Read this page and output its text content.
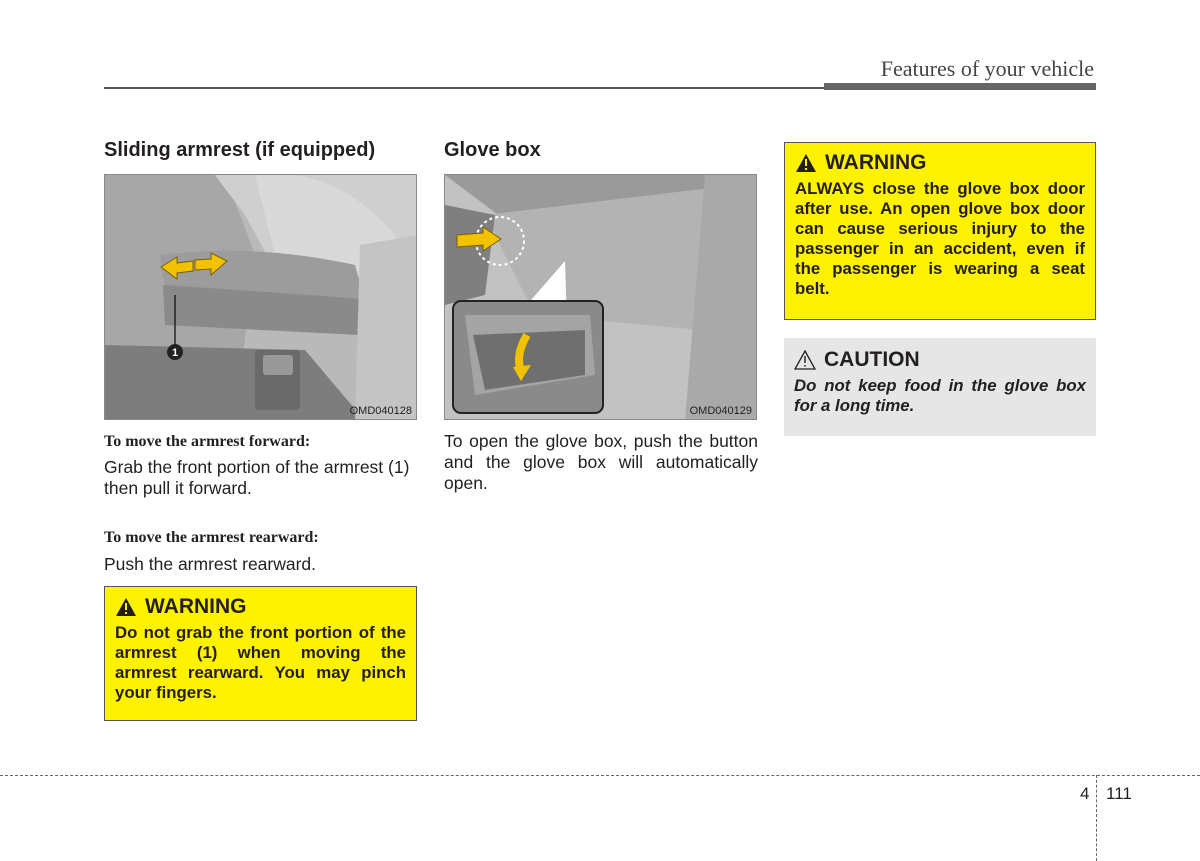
Features of your vehicle
Sliding armrest (if equipped)
1
OMD040128
To move the armrest forward:
Grab the front portion of the armrest (1) then pull it forward.
To move the armrest rearward:
Push the armrest rearward.
WARNING
Do not grab the front portion of the armrest (1) when moving the armrest rearward. You may pinch your fingers.
Glove box
OMD040129
To open the glove box, push the button and the glove box will automatically open.
WARNING
ALWAYS close the glove box door after use. An open glove box door can cause serious injury to the passenger in an accident, even if the passenger is wearing a seat belt.
CAUTION
Do not keep food in the glove box for a long time.
4 111
